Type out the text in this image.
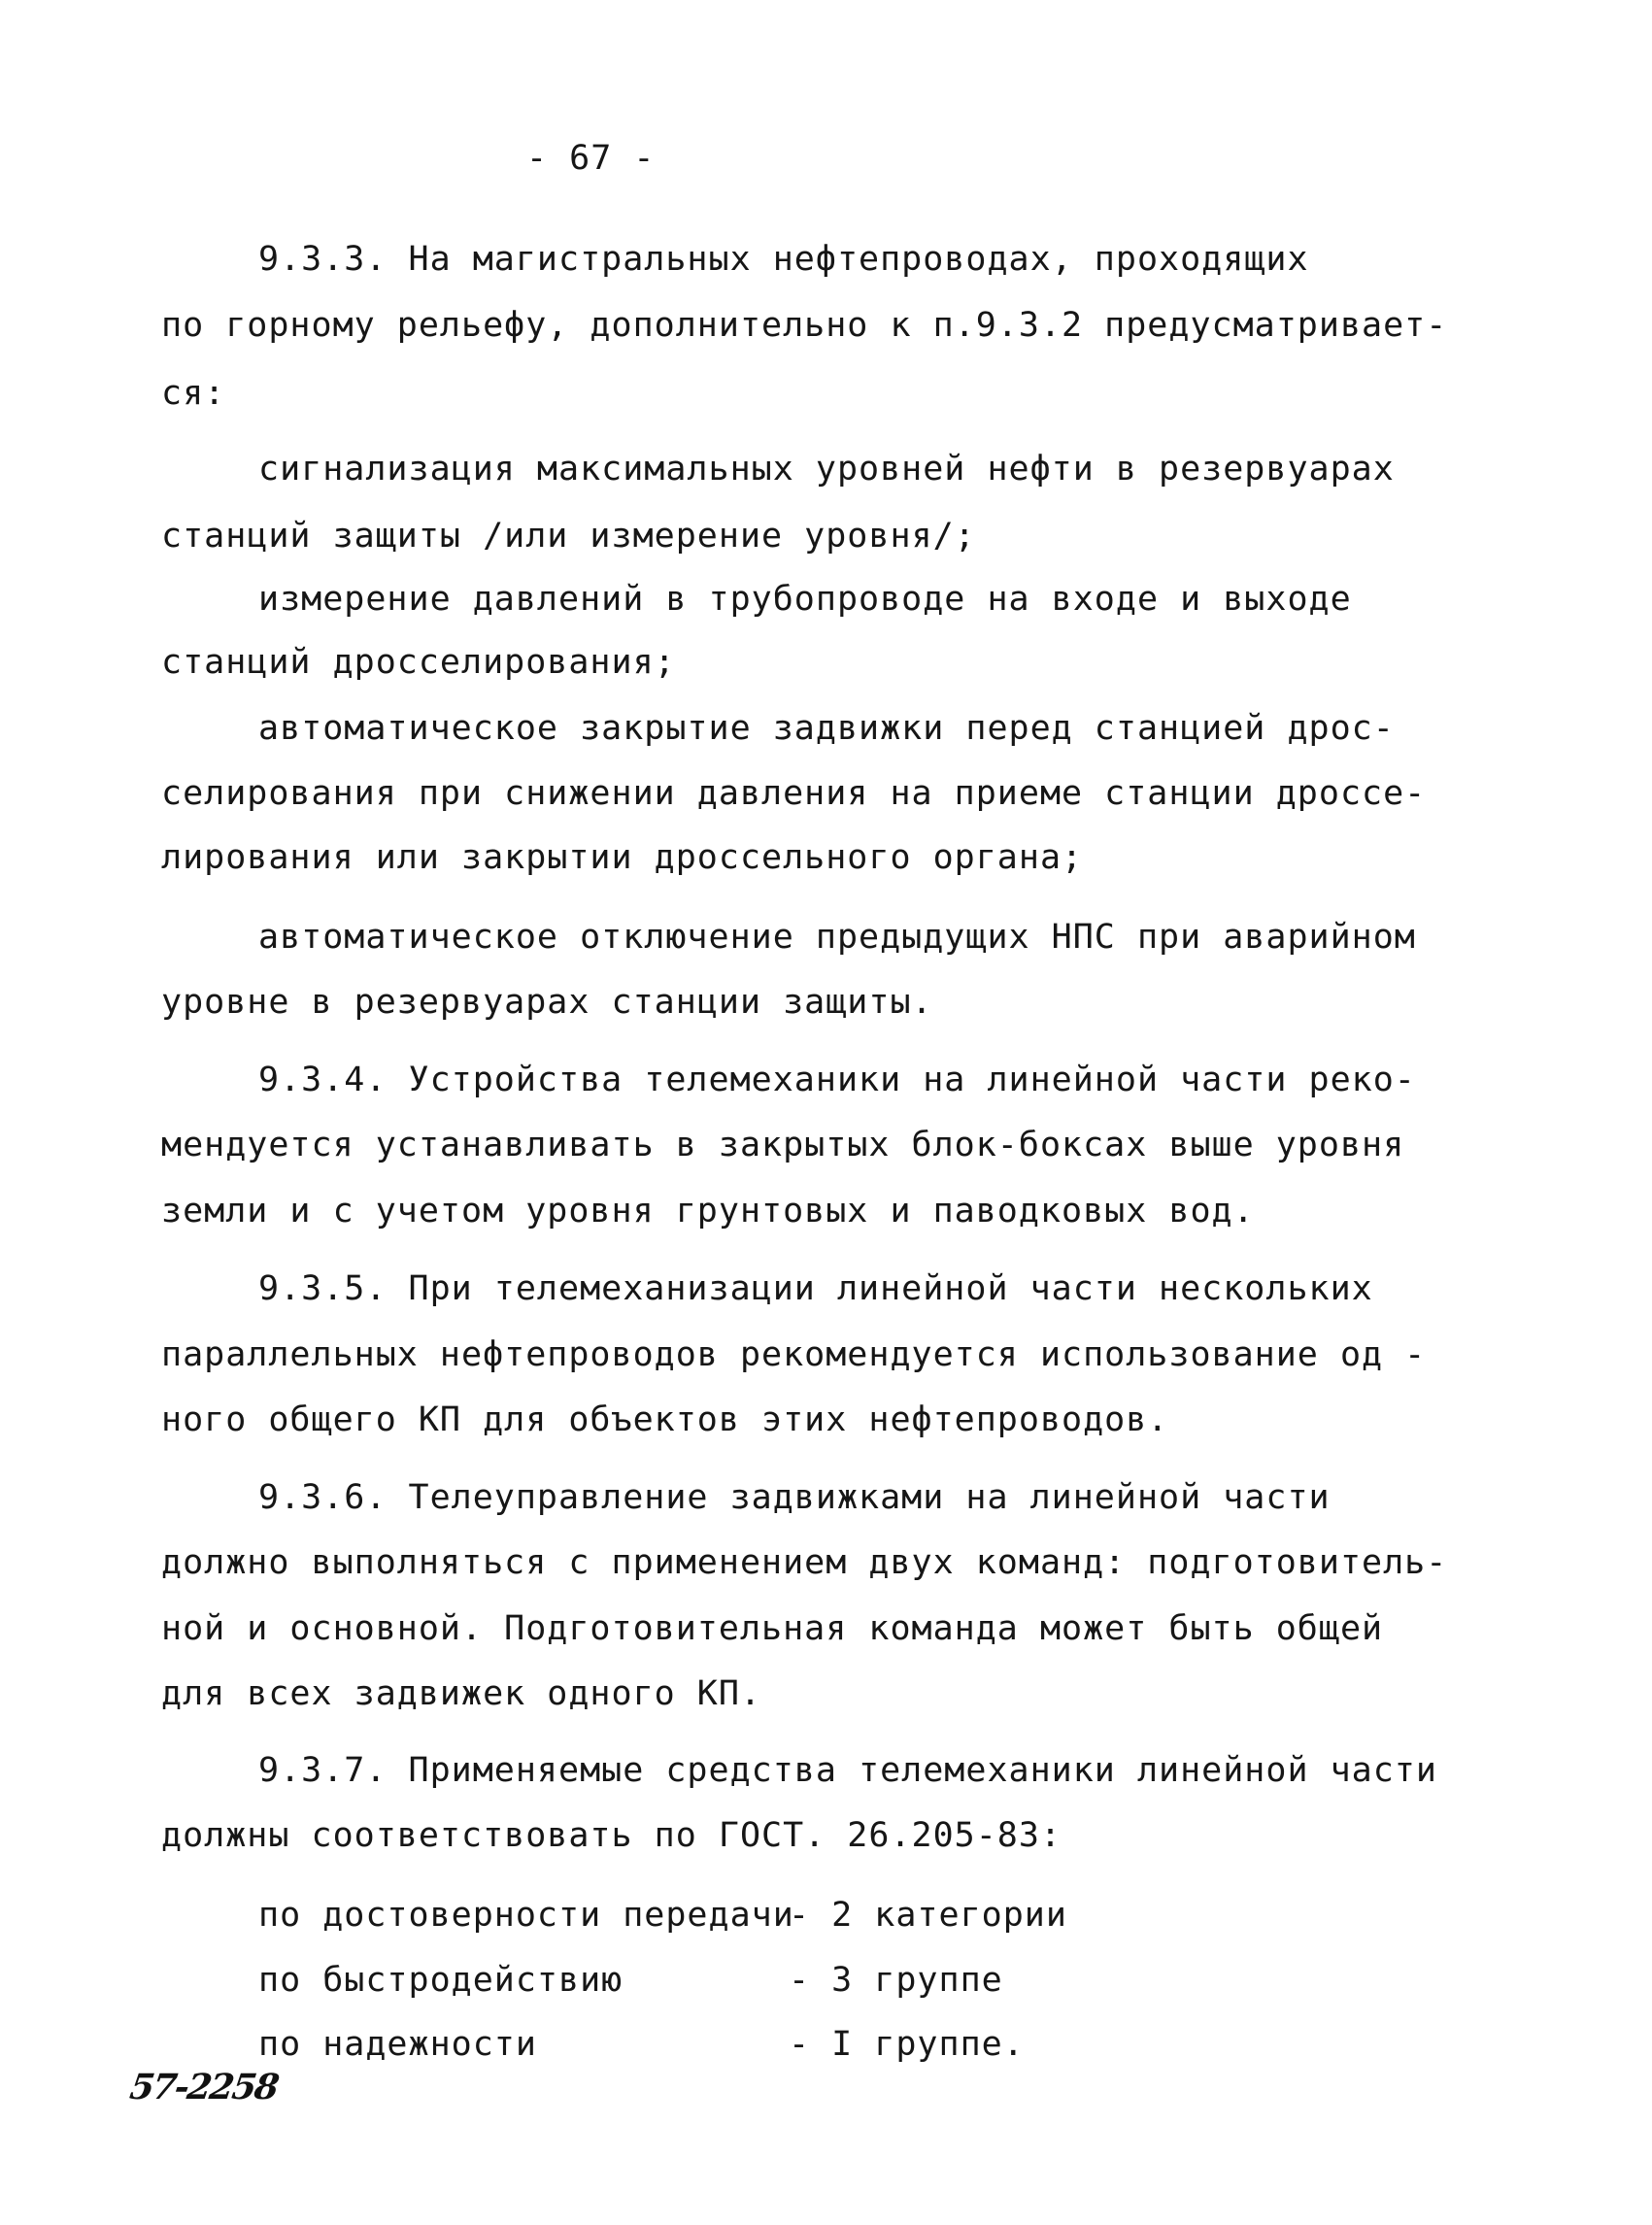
- 67 -
9.3.3. На магистральных нефтепроводах, проходящих
по горному рельефу, дополнительно к п.9.3.2 предусматривает-
ся:
сигнализация максимальных уровней нефти в резервуарах
станций защиты /или измерение уровня/;
измерение давлений в трубопроводе на входе и выходе
станций дросселирования;
автоматическое закрытие задвижки перед станцией дрос-
селирования при снижении давления на приеме станции дроссе-
лирования или закрытии дроссельного органа;
автоматическое отключение предыдущих НПС при аварийном
уровне в резервуарах станции защиты.
9.3.4. Устройства телемеханики на линейной части реко-
мендуется устанавливать в закрытых блок-боксах выше уровня
земли и с учетом уровня грунтовых и паводковых вод.
9.3.5. При телемеханизации линейной части нескольких
параллельных нефтепроводов рекомендуется использование од -
ного общего КП для объектов этих нефтепроводов.
9.3.6. Телеуправление задвижками на линейной части
должно выполняться с применением двух команд: подготовитель-
ной и основной. Подготовительная команда может быть общей
для всех задвижек одного КП.
9.3.7. Применяемые средства телемеханики линейной части
должны соответствовать по ГОСТ. 26.205-83:
по достоверности передачи
- 2 категории
по быстродействию	- 3 группе
по надежности	- I группе.
57-2258
